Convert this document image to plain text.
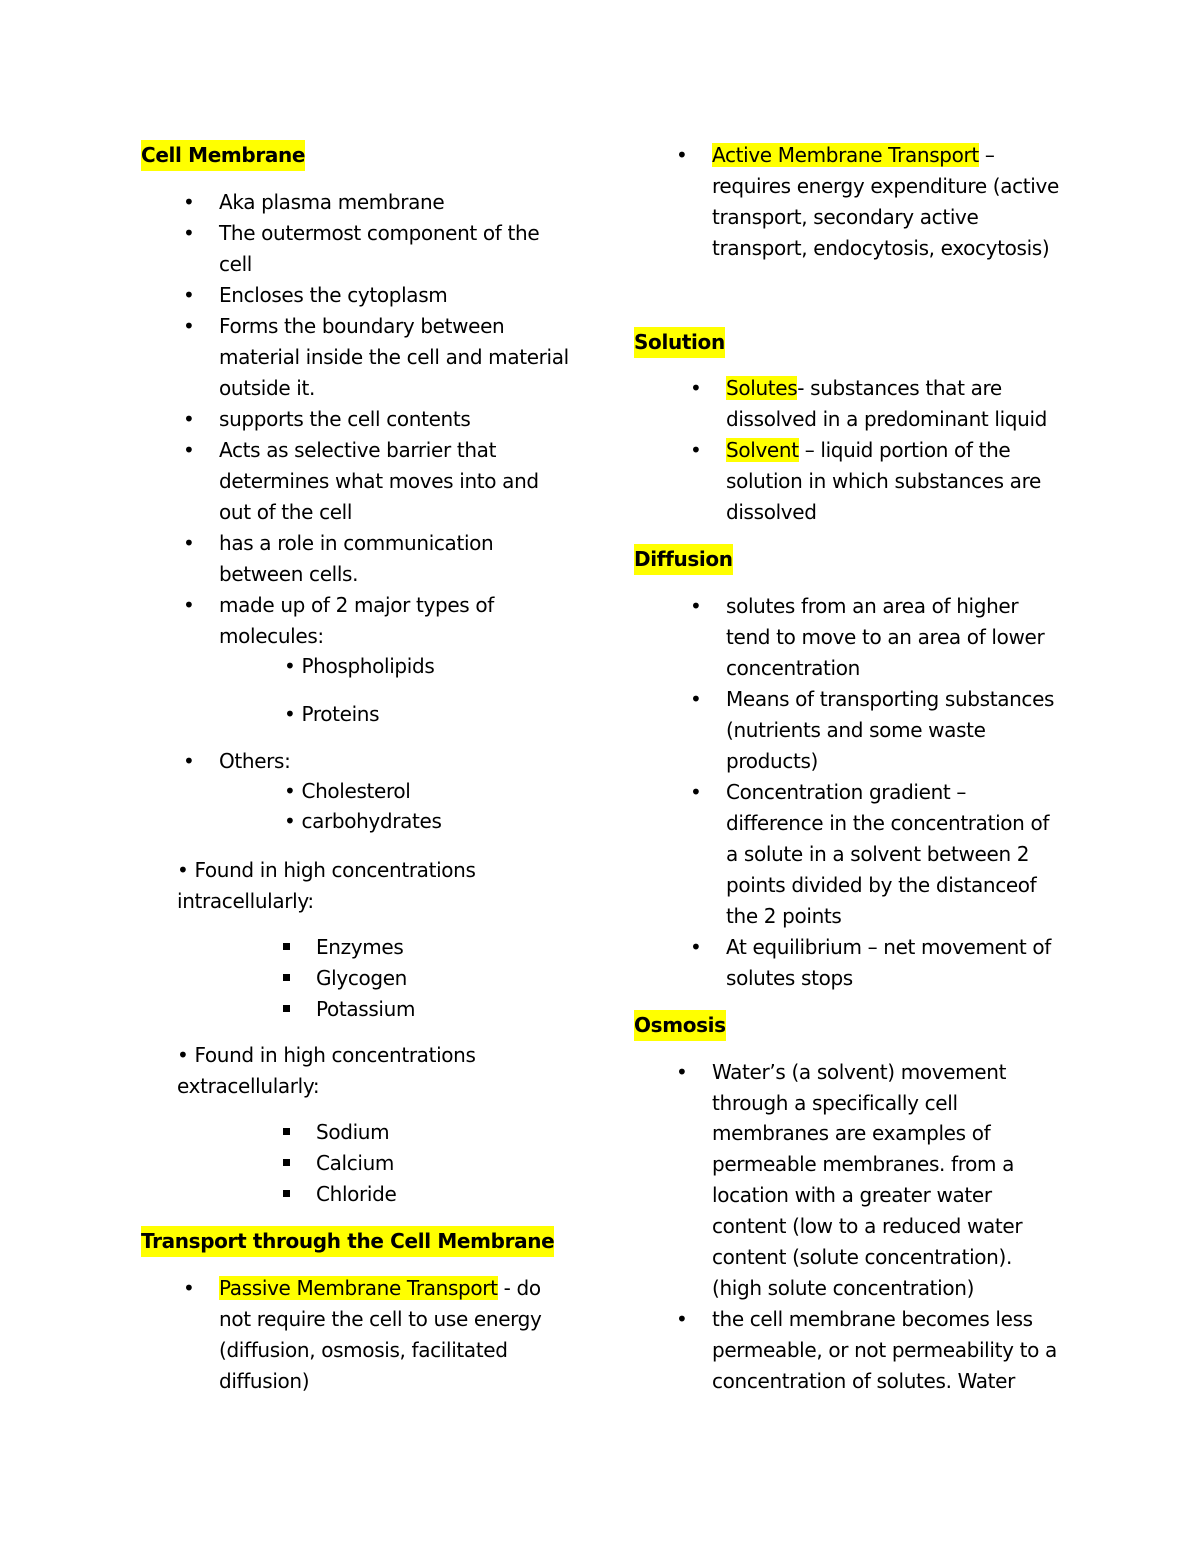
Cell Membrane
• Aka plasma membrane
• The outermost component of the
cell
• Encloses the cytoplasm
• Forms the boundary between
material inside the cell and material
outside it.
• supports the cell contents
• Acts as selective barrier that
determines what moves into and
out of the cell
• has a role in communication
between cells.
• made up of 2 major types of
molecules:
• Phospholipids
• Proteins
• Others:
• Cholesterol
• carbohydrates
• Found in high concentrations
intracellularly:
Enzymes
Glycogen
Potassium
• Found in high concentrations
extracellularly:
Sodium
Calcium
Chloride
Transport through the Cell Membrane
• Passive Membrane Transport - do
not require the cell to use energy
(diffusion, osmosis, facilitated
diffusion)
• Active Membrane Transport –
requires energy expenditure (active
transport, secondary active
transport, endocytosis, exocytosis)
Solution
• Solutes- substances that are
dissolved in a predominant liquid
• Solvent – liquid portion of the
solution in which substances are
dissolved
Diffusion
• solutes from an area of higher
tend to move to an area of lower
concentration
• Means of transporting substances
(nutrients and some waste
products)
• Concentration gradient –
difference in the concentration of
a solute in a solvent between 2
points divided by the distanceof
the 2 points
• At equilibrium – net movement of
solutes stops
Osmosis
• Water’s (a solvent) movement
through a specifically cell
membranes are examples of
permeable membranes. from a
location with a greater water
content (low to a reduced water
content (solute concentration).
(high solute concentration)
• the cell membrane becomes less
permeable, or not permeability to a
concentration of solutes. Water
